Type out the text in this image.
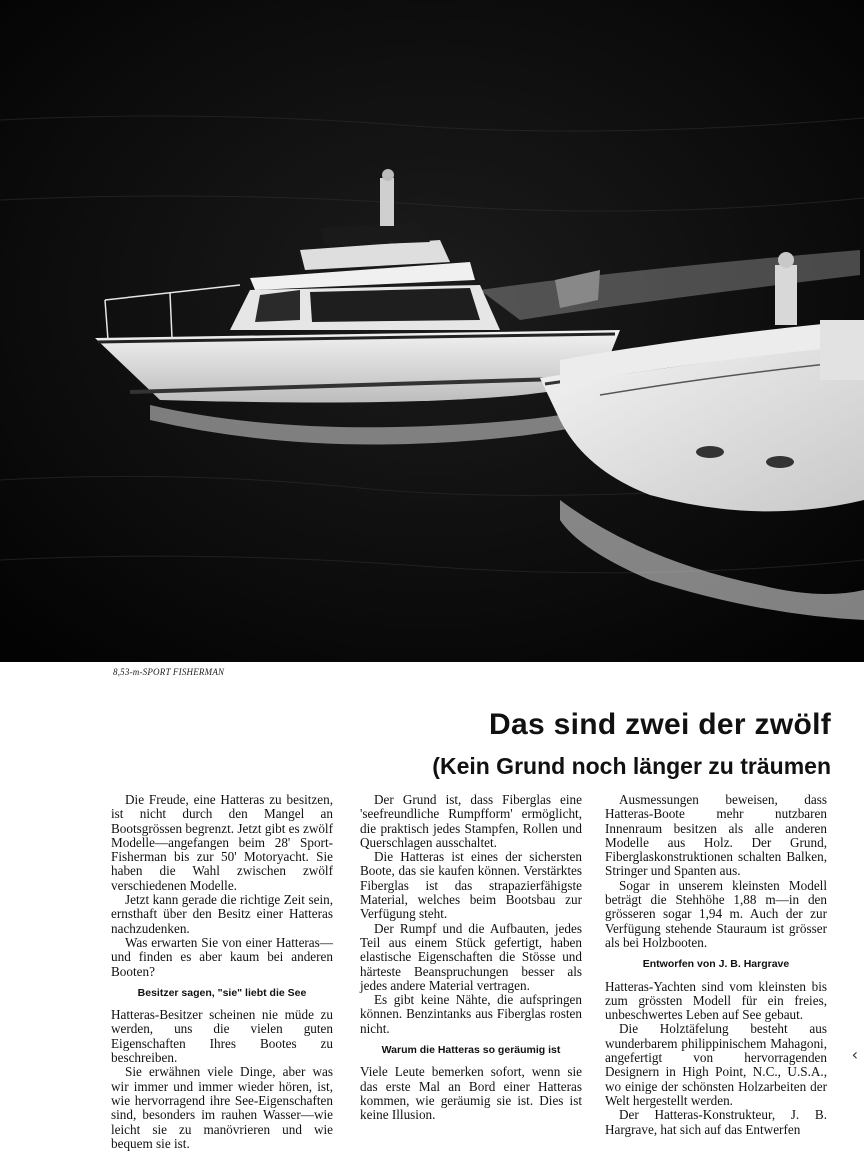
8,53-m-SPORT FISHERMAN
Das sind zwei der zwölf
(Kein Grund noch länger zu träumen

Die Freude, eine Hatteras zu besitzen, ist nicht durch den Mangel an Bootsgrössen begrenzt. Jetzt gibt es zwölf Modelle—angefangen beim 28' Sport-Fisherman bis zur 50' Motoryacht. Sie haben die Wahl zwischen zwölf verschiedenen Modelle.

Jetzt kann gerade die richtige Zeit sein, ernsthaft über den Besitz einer Hatteras nachzudenken.

Was erwarten Sie von einer Hatteras—und finden es aber kaum bei anderen Booten?

Besitzer sagen, "sie" liebt die See

Hatteras-Besitzer scheinen nie müde zu werden, uns die vielen guten Eigenschaften Ihres Bootes zu beschreiben.

Sie erwähnen viele Dinge, aber was wir immer und immer wieder hören, ist, wie hervorragend ihre See-Eigenschaften sind, besonders im rauhen Wasser—wie leicht sie zu manövrieren und wie bequem sie ist.

Der Grund ist, dass Fiberglas eine 'seefreundliche Rumpfform' ermöglicht, die praktisch jedes Stampfen, Rollen und Querschlagen ausschaltet.

Die Hatteras ist eines der sichersten Boote, das sie kaufen können. Verstärktes Fiberglas ist das strapazierfähigste Material, welches beim Bootsbau zur Verfügung steht.

Der Rumpf und die Aufbauten, jedes Teil aus einem Stück gefertigt, haben elastische Eigenschaften die Stösse und härteste Beanspruchungen besser als jedes andere Material vertragen.

Es gibt keine Nähte, die aufspringen können. Benzintanks aus Fiberglas rosten nicht.

Warum die Hatteras so geräumig ist

Viele Leute bemerken sofort, wenn sie das erste Mal an Bord einer Hatteras kommen, wie geräumig sie ist. Dies ist keine Illusion.

Ausmessungen beweisen, dass Hatteras-Boote mehr nutzbaren Innenraum besitzen als alle anderen Modelle aus Holz. Der Grund, Fiberglaskonstruktionen schalten Balken, Stringer und Spanten aus.

Sogar in unserem kleinsten Modell beträgt die Stehhöhe 1,88 m—in den grösseren sogar 1,94 m. Auch der zur Verfügung stehende Stauraum ist grösser als bei Holzbooten.

Entworfen von J. B. Hargrave

Hatteras-Yachten sind vom kleinsten bis zum grössten Modell für ein freies, unbeschwertes Leben auf See gebaut.

Die Holztäfelung besteht aus wunderbarem philippinischem Mahagoni, angefertigt von hervorragenden Designern in High Point, N.C., U.S.A., wo einige der schönsten Holzarbeiten der Welt hergestellt werden.

Der Hatteras-Konstrukteur, J. B. Hargrave, hat sich auf das Entwerfen

‹
